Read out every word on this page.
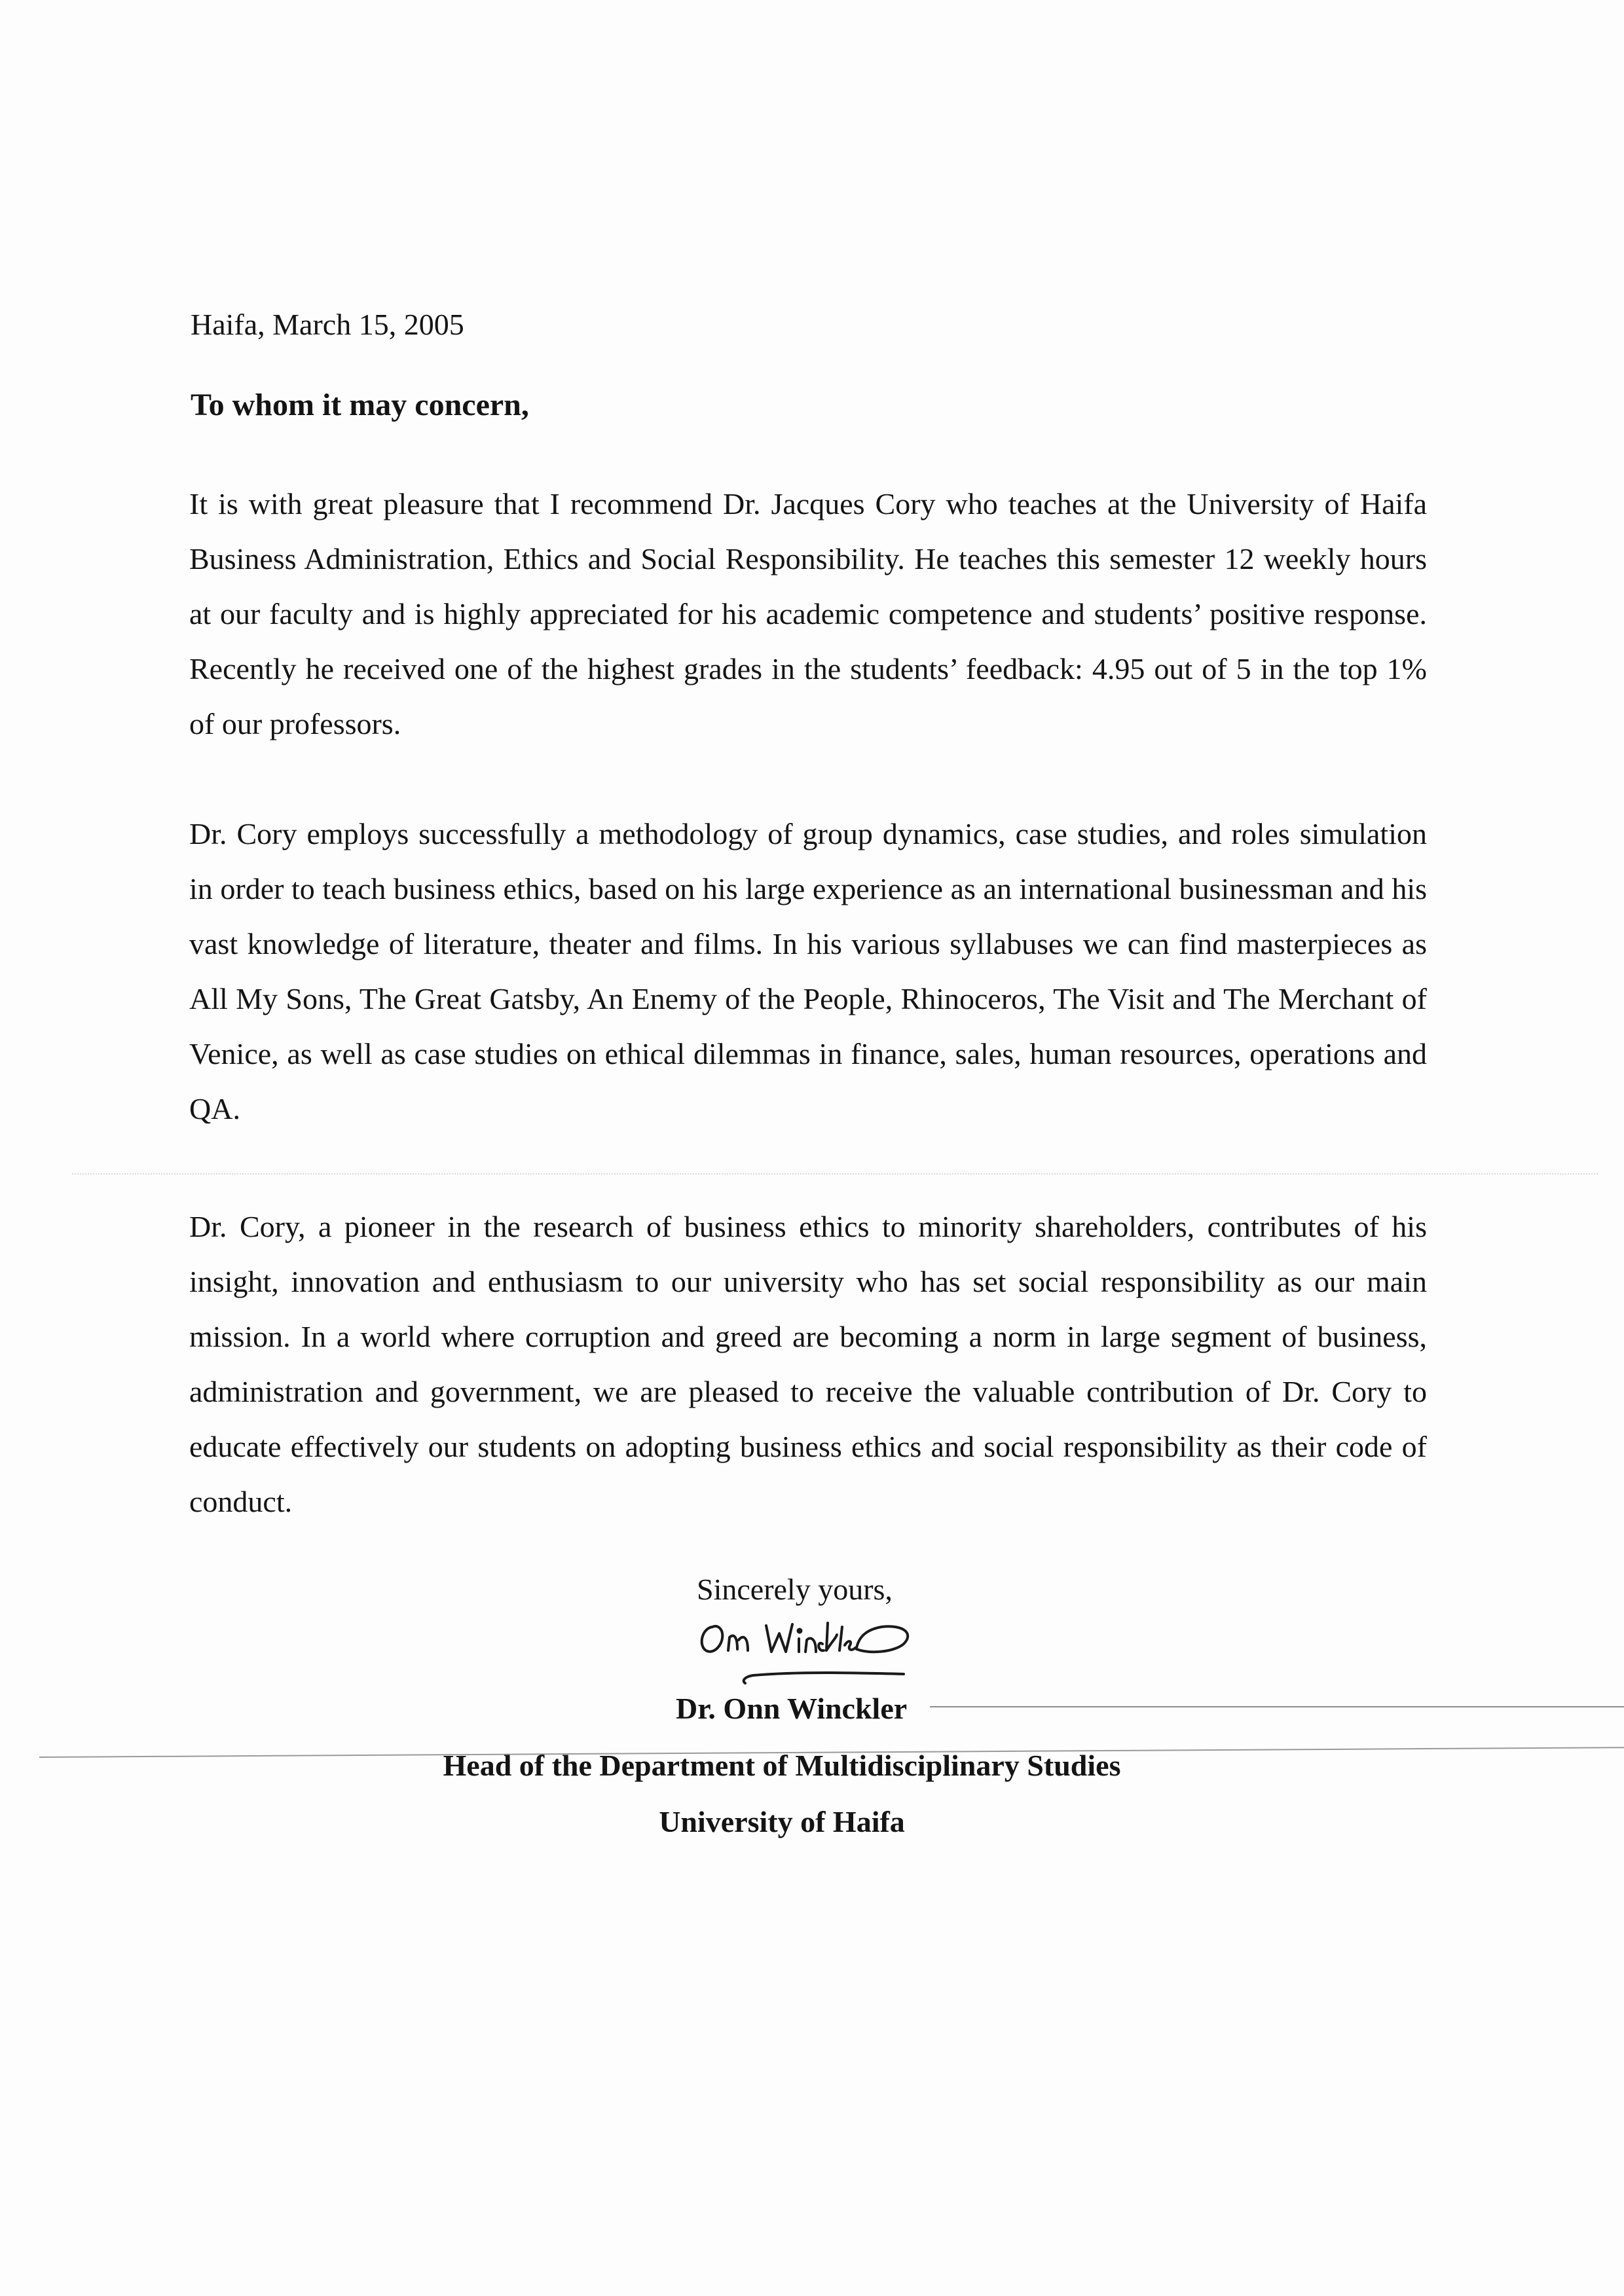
Haifa, March 15, 2005
To whom it may concern,

It is with great pleasure that I recommend Dr. Jacques Cory who teaches at the University of Haifa Business Administration, Ethics and Social Responsibility. He teaches this semester 12 weekly hours at our faculty and is highly appreciated for his academic competence and students’ positive response. Recently he received one of the highest grades in the students’ feedback: 4.95 out of 5 in the top 1% of our professors.

Dr. Cory employs successfully a methodology of group dynamics, case studies, and roles simulation in order to teach business ethics, based on his large experience as an international businessman and his vast knowledge of literature, theater and films. In his various syllabuses we can find masterpieces as All My Sons, The Great Gatsby, An Enemy of the People, Rhinoceros, The Visit and The Merchant of Venice, as well as case studies on ethical dilemmas in finance, sales, human resources, operations and QA.

Dr. Cory, a pioneer in the research of business ethics to minority shareholders, contributes of his insight, innovation and enthusiasm to our university who has set social responsibility as our main mission. In a world where corruption and greed are becoming a norm in large segment of business, administration and government, we are pleased to receive the valuable contribution of Dr. Cory to educate effectively our students on adopting business ethics and social responsibility as their code of conduct.

Sincerely yours,
Dr. Onn Winckler
Head of the Department of Multidisciplinary Studies
University of Haifa
